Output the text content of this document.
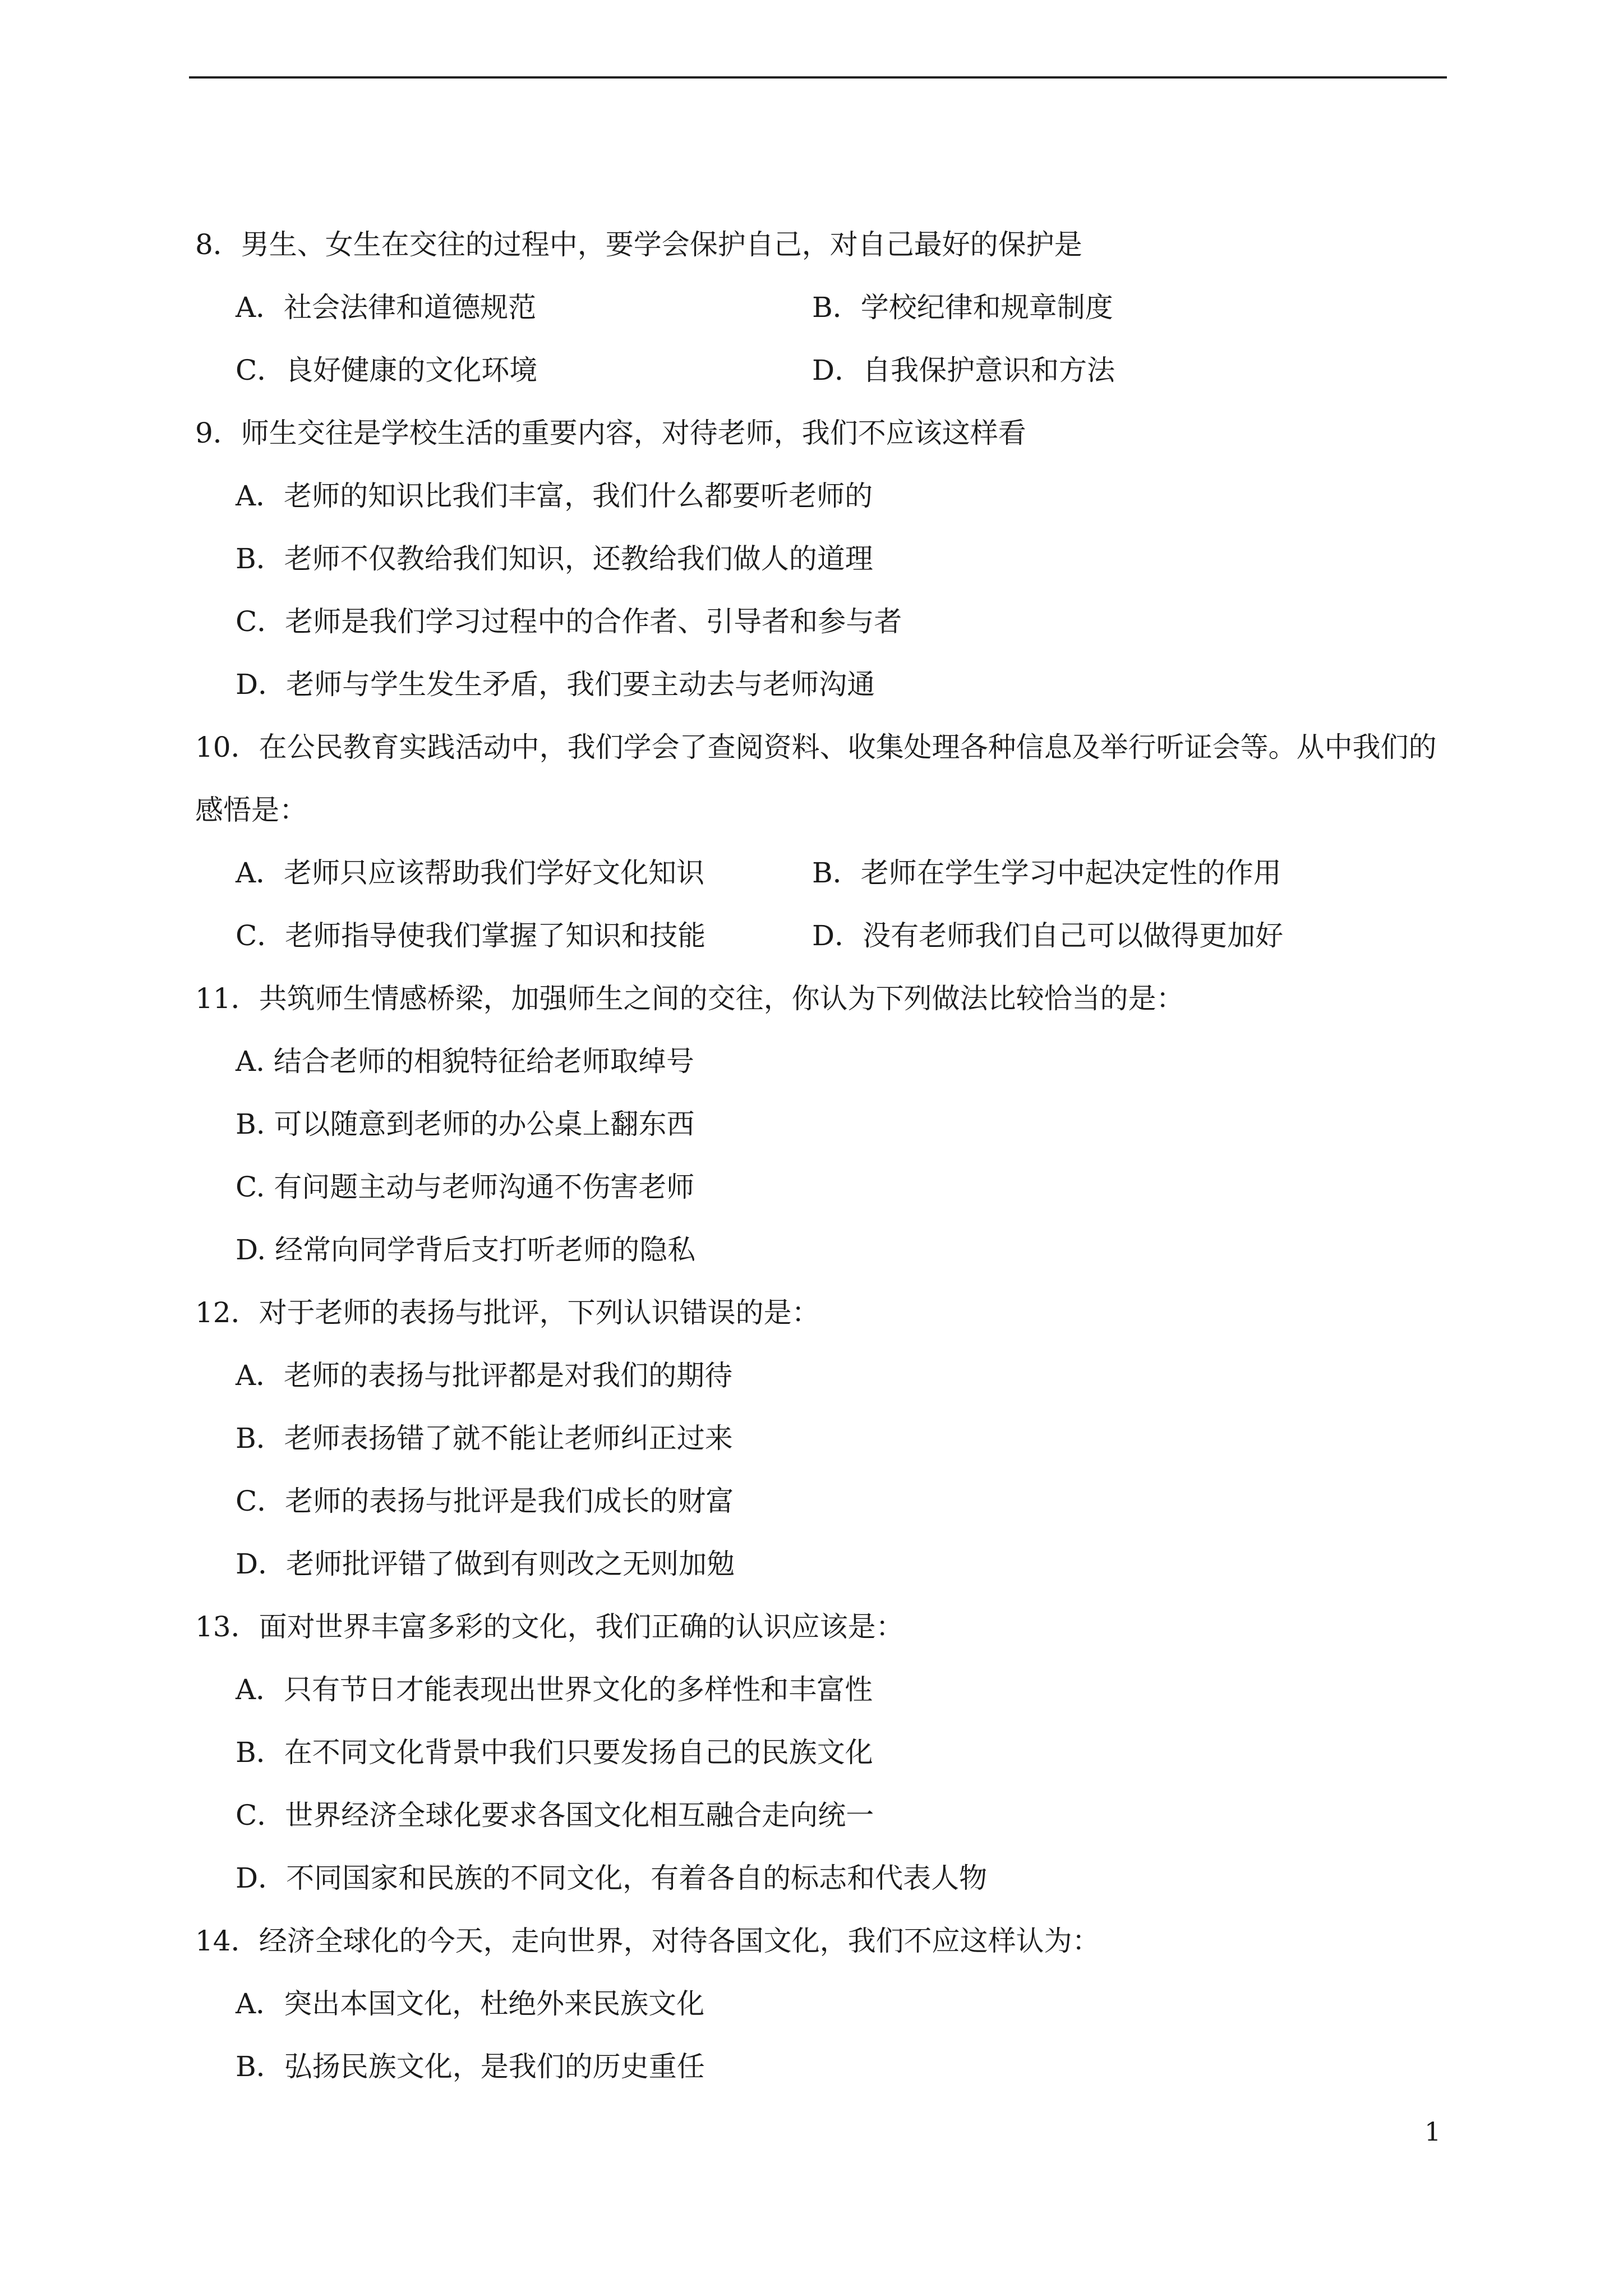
8．男生、女生在交往的过程中，要学会保护自己，对自己最好的保护是

A．社会法律和道德规范	B．学校纪律和规章制度
C．良好健康的文化环境	D．自我保护意识和方法

9．师生交往是学校生活的重要内容，对待老师，我们不应该这样看

A．老师的知识比我们丰富，我们什么都要听老师的

B．老师不仅教给我们知识，还教给我们做人的道理

C．老师是我们学习过程中的合作者、引导者和参与者

D．老师与学生发生矛盾，我们要主动去与老师沟通

10．在公民教育实践活动中，我们学会了查阅资料、收集处理各种信息及举行听证会等。从中我们的感悟是：

A．老师只应该帮助我们学好文化知识	B．老师在学生学习中起决定性的作用
C．老师指导使我们掌握了知识和技能	D．没有老师我们自己可以做得更加好

11．共筑师生情感桥梁，加强师生之间的交往，你认为下列做法比较恰当的是：

A. 结合老师的相貌特征给老师取绰号

B. 可以随意到老师的办公桌上翻东西

C. 有问题主动与老师沟通不伤害老师

D. 经常向同学背后支打听老师的隐私

12．对于老师的表扬与批评，下列认识错误的是：

A．老师的表扬与批评都是对我们的期待

B．老师表扬错了就不能让老师纠正过来

C．老师的表扬与批评是我们成长的财富

D．老师批评错了做到有则改之无则加勉

13．面对世界丰富多彩的文化，我们正确的认识应该是：

A．只有节日才能表现出世界文化的多样性和丰富性

B．在不同文化背景中我们只要发扬自己的民族文化

C．世界经济全球化要求各国文化相互融合走向统一

D．不同国家和民族的不同文化，有着各自的标志和代表人物

14．经济全球化的今天，走向世界，对待各国文化，我们不应这样认为：

A．突出本国文化，杜绝外来民族文化

B．弘扬民族文化，是我们的历史重任

1
